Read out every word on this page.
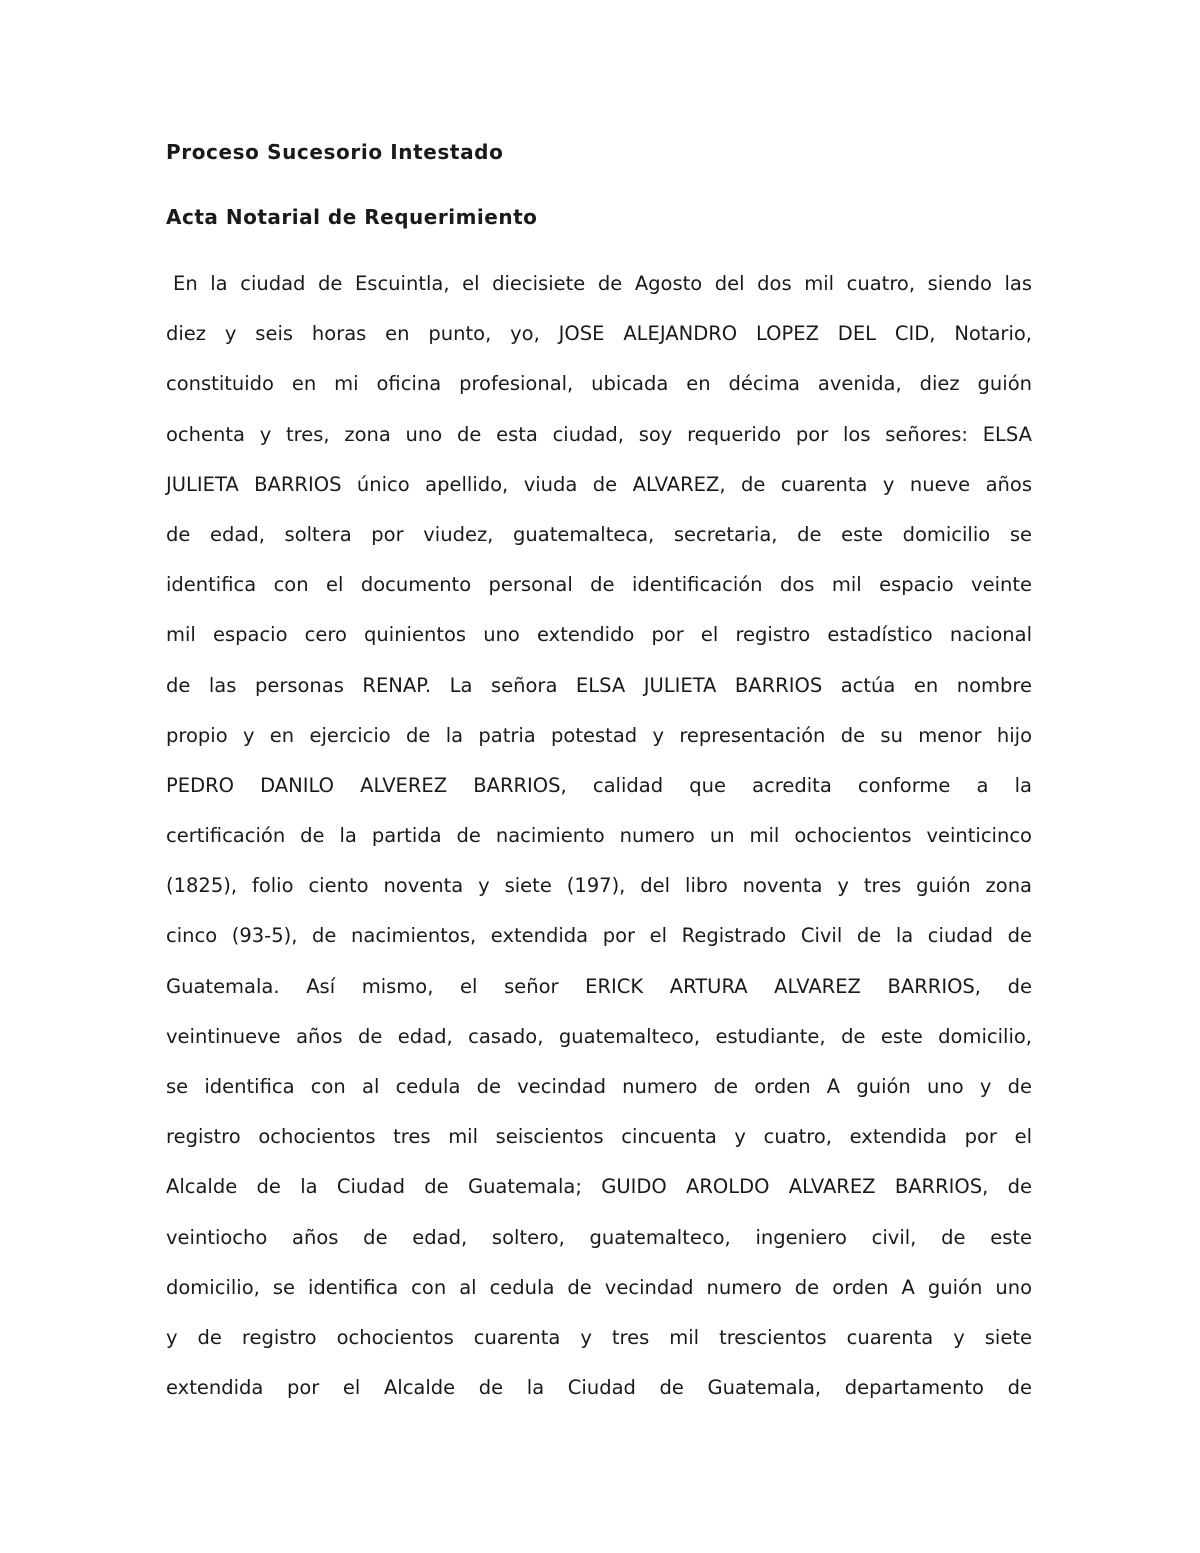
Proceso Sucesorio Intestado
Acta Notarial de Requerimiento
En la ciudad de Escuintla, el diecisiete de Agosto del dos mil cuatro, siendo las
diez y seis horas en punto, yo, JOSE ALEJANDRO LOPEZ DEL CID, Notario,
constituido en mi oficina profesional, ubicada en décima avenida, diez guión
ochenta y tres, zona uno de esta ciudad, soy requerido por los señores: ELSA
JULIETA BARRIOS único apellido, viuda de ALVAREZ, de cuarenta y nueve años
de edad, soltera por viudez, guatemalteca, secretaria, de este domicilio se
identifica con el documento personal de identificación dos mil espacio veinte
mil espacio cero quinientos uno extendido por el registro estadístico nacional
de las personas RENAP. La señora ELSA JULIETA BARRIOS actúa en nombre
propio y en ejercicio de la patria potestad y representación de su menor hijo
PEDRO DANILO ALVEREZ BARRIOS, calidad que acredita conforme a la
certificación de la partida de nacimiento numero un mil ochocientos veinticinco
(1825), folio ciento noventa y siete (197), del libro noventa y tres guión zona
cinco (93-5), de nacimientos, extendida por el Registrado Civil de la ciudad de
Guatemala. Así mismo, el señor ERICK ARTURA ALVAREZ BARRIOS, de
veintinueve años de edad, casado, guatemalteco, estudiante, de este domicilio,
se identifica con al cedula de vecindad numero de orden A guión uno y de
registro ochocientos tres mil seiscientos cincuenta y cuatro, extendida por el
Alcalde de la Ciudad de Guatemala; GUIDO AROLDO ALVAREZ BARRIOS, de
veintiocho años de edad, soltero, guatemalteco, ingeniero civil, de este
domicilio, se identifica con al cedula de vecindad numero de orden A guión uno
y de registro ochocientos cuarenta y tres mil trescientos cuarenta y siete
extendida por el Alcalde de la Ciudad de Guatemala, departamento de
